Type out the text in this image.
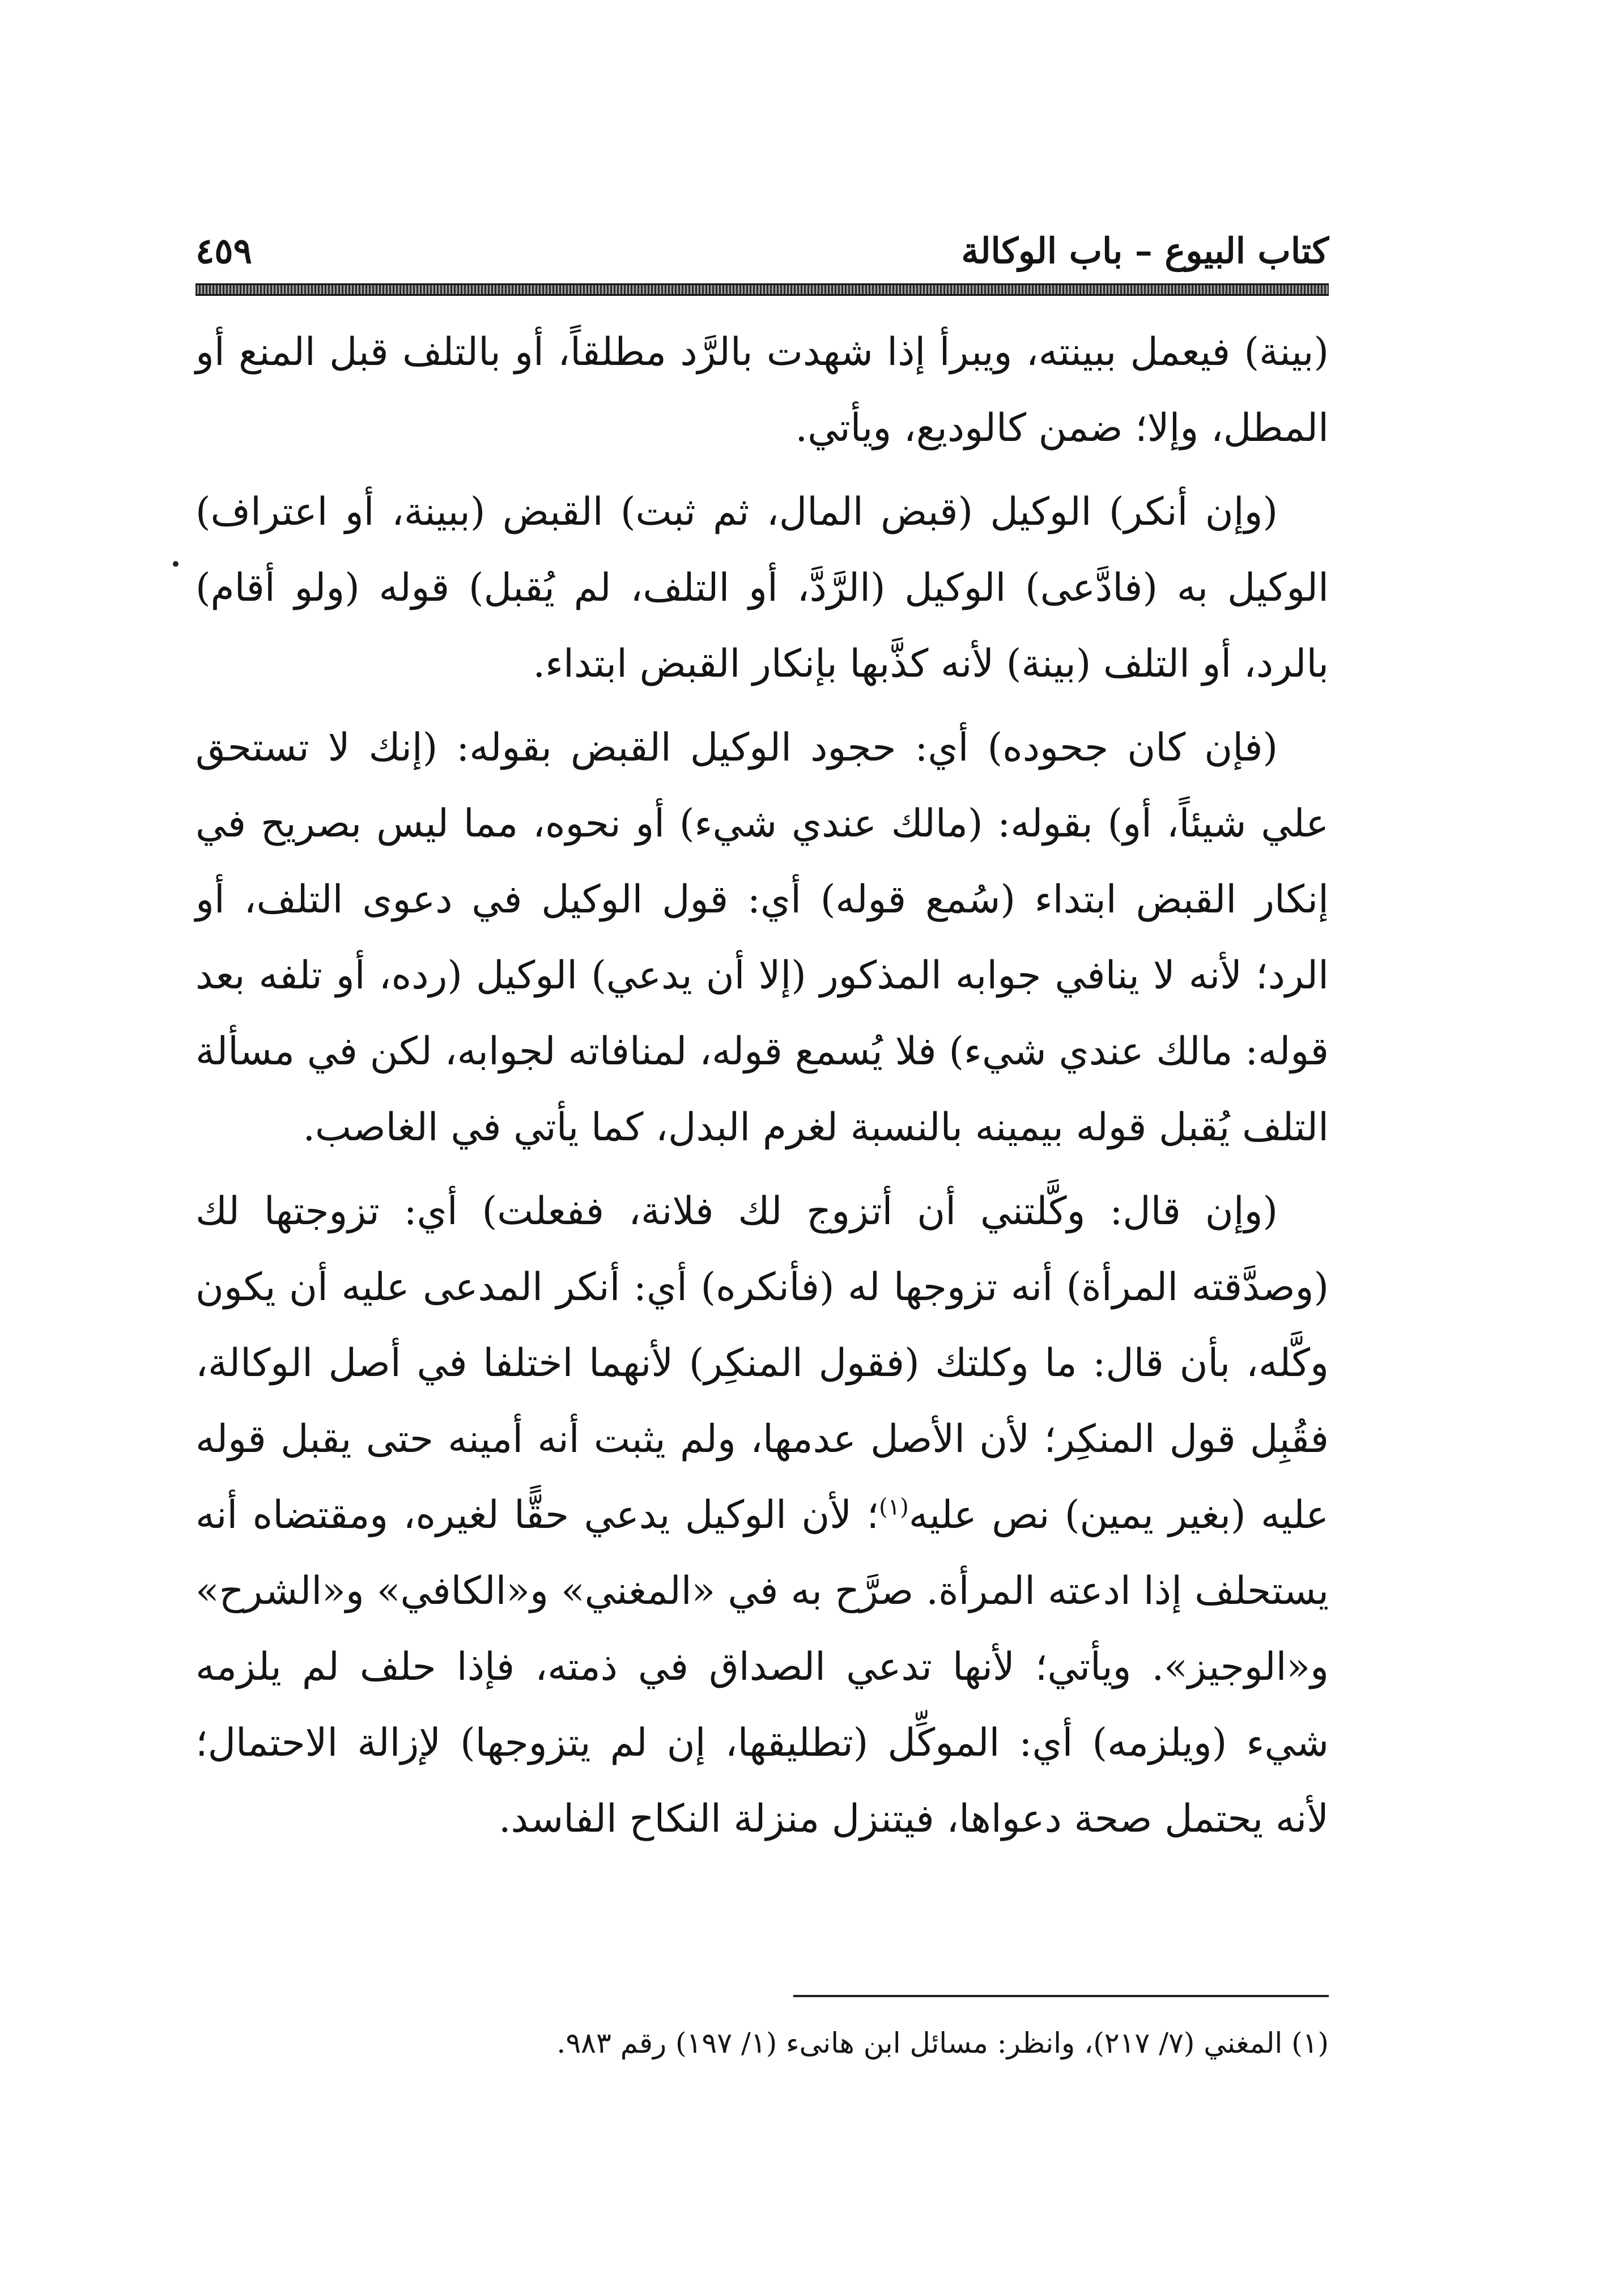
كتاب البيوع – باب الوكالة
٤٥٩

(بينة) فيعمل ببينته، ويبرأ إذا شهدت بالرَّد مطلقاً، أو بالتلف قبل المنع أو المطل، وإلا؛ ضمن كالوديع، ويأتي.

(وإن أنكر) الوكيل (قبض المال، ثم ثبت) القبض (ببينة، أو اعتراف) الوكيل به (فادَّعى) الوكيل (الرَّدَّ، أو التلف، لم يُقبل) قوله (ولو أقام) بالرد، أو التلف (بينة) لأنه كذَّبها بإنكار القبض ابتداء.

(فإن كان جحوده) أي: حجود الوكيل القبض بقوله: (إنك لا تستحق علي شيئاً، أو) بقوله: (مالك عندي شيء) أو نحوه، مما ليس بصريح في إنكار القبض ابتداء (سُمع قوله) أي: قول الوكيل في دعوى التلف، أو الرد؛ لأنه لا ينافي جوابه المذكور (إلا أن يدعي) الوكيل (رده، أو تلفه بعد قوله: مالك عندي شيء) فلا يُسمع قوله، لمنافاته لجوابه، لكن في مسألة التلف يُقبل قوله بيمينه بالنسبة لغرم البدل، كما يأتي في الغاصب.

(وإن قال: وكَّلتني أن أتزوج لك فلانة، ففعلت) أي: تزوجتها لك (وصدَّقته المرأة) أنه تزوجها له (فأنكره) أي: أنكر المدعى عليه أن يكون وكَّله، بأن قال: ما وكلتك (فقول المنكِر) لأنهما اختلفا في أصل الوكالة، فقُبِل قول المنكِر؛ لأن الأصل عدمها، ولم يثبت أنه أمينه حتى يقبل قوله عليه (بغير يمين) نص عليه$^{(١)}$؛ لأن الوكيل يدعي حقًّا لغيره، ومقتضاه أنه يستحلف إذا ادعته المرأة. صرَّح به في «المغني» و«الكافي» و«الشرح» و«الوجيز». ويأتي؛ لأنها تدعي الصداق في ذمته، فإذا حلف لم يلزمه شيء (ويلزمه) أي: الموكِّل (تطليقها، إن لم يتزوجها) لإزالة الاحتمال؛ لأنه يحتمل صحة دعواها، فيتنزل منزلة النكاح الفاسد.

(١) المغني (٧/ ٢١٧)، وانظر: مسائل ابن هانىء (١/ ١٩٧) رقم ٩٨٣.
